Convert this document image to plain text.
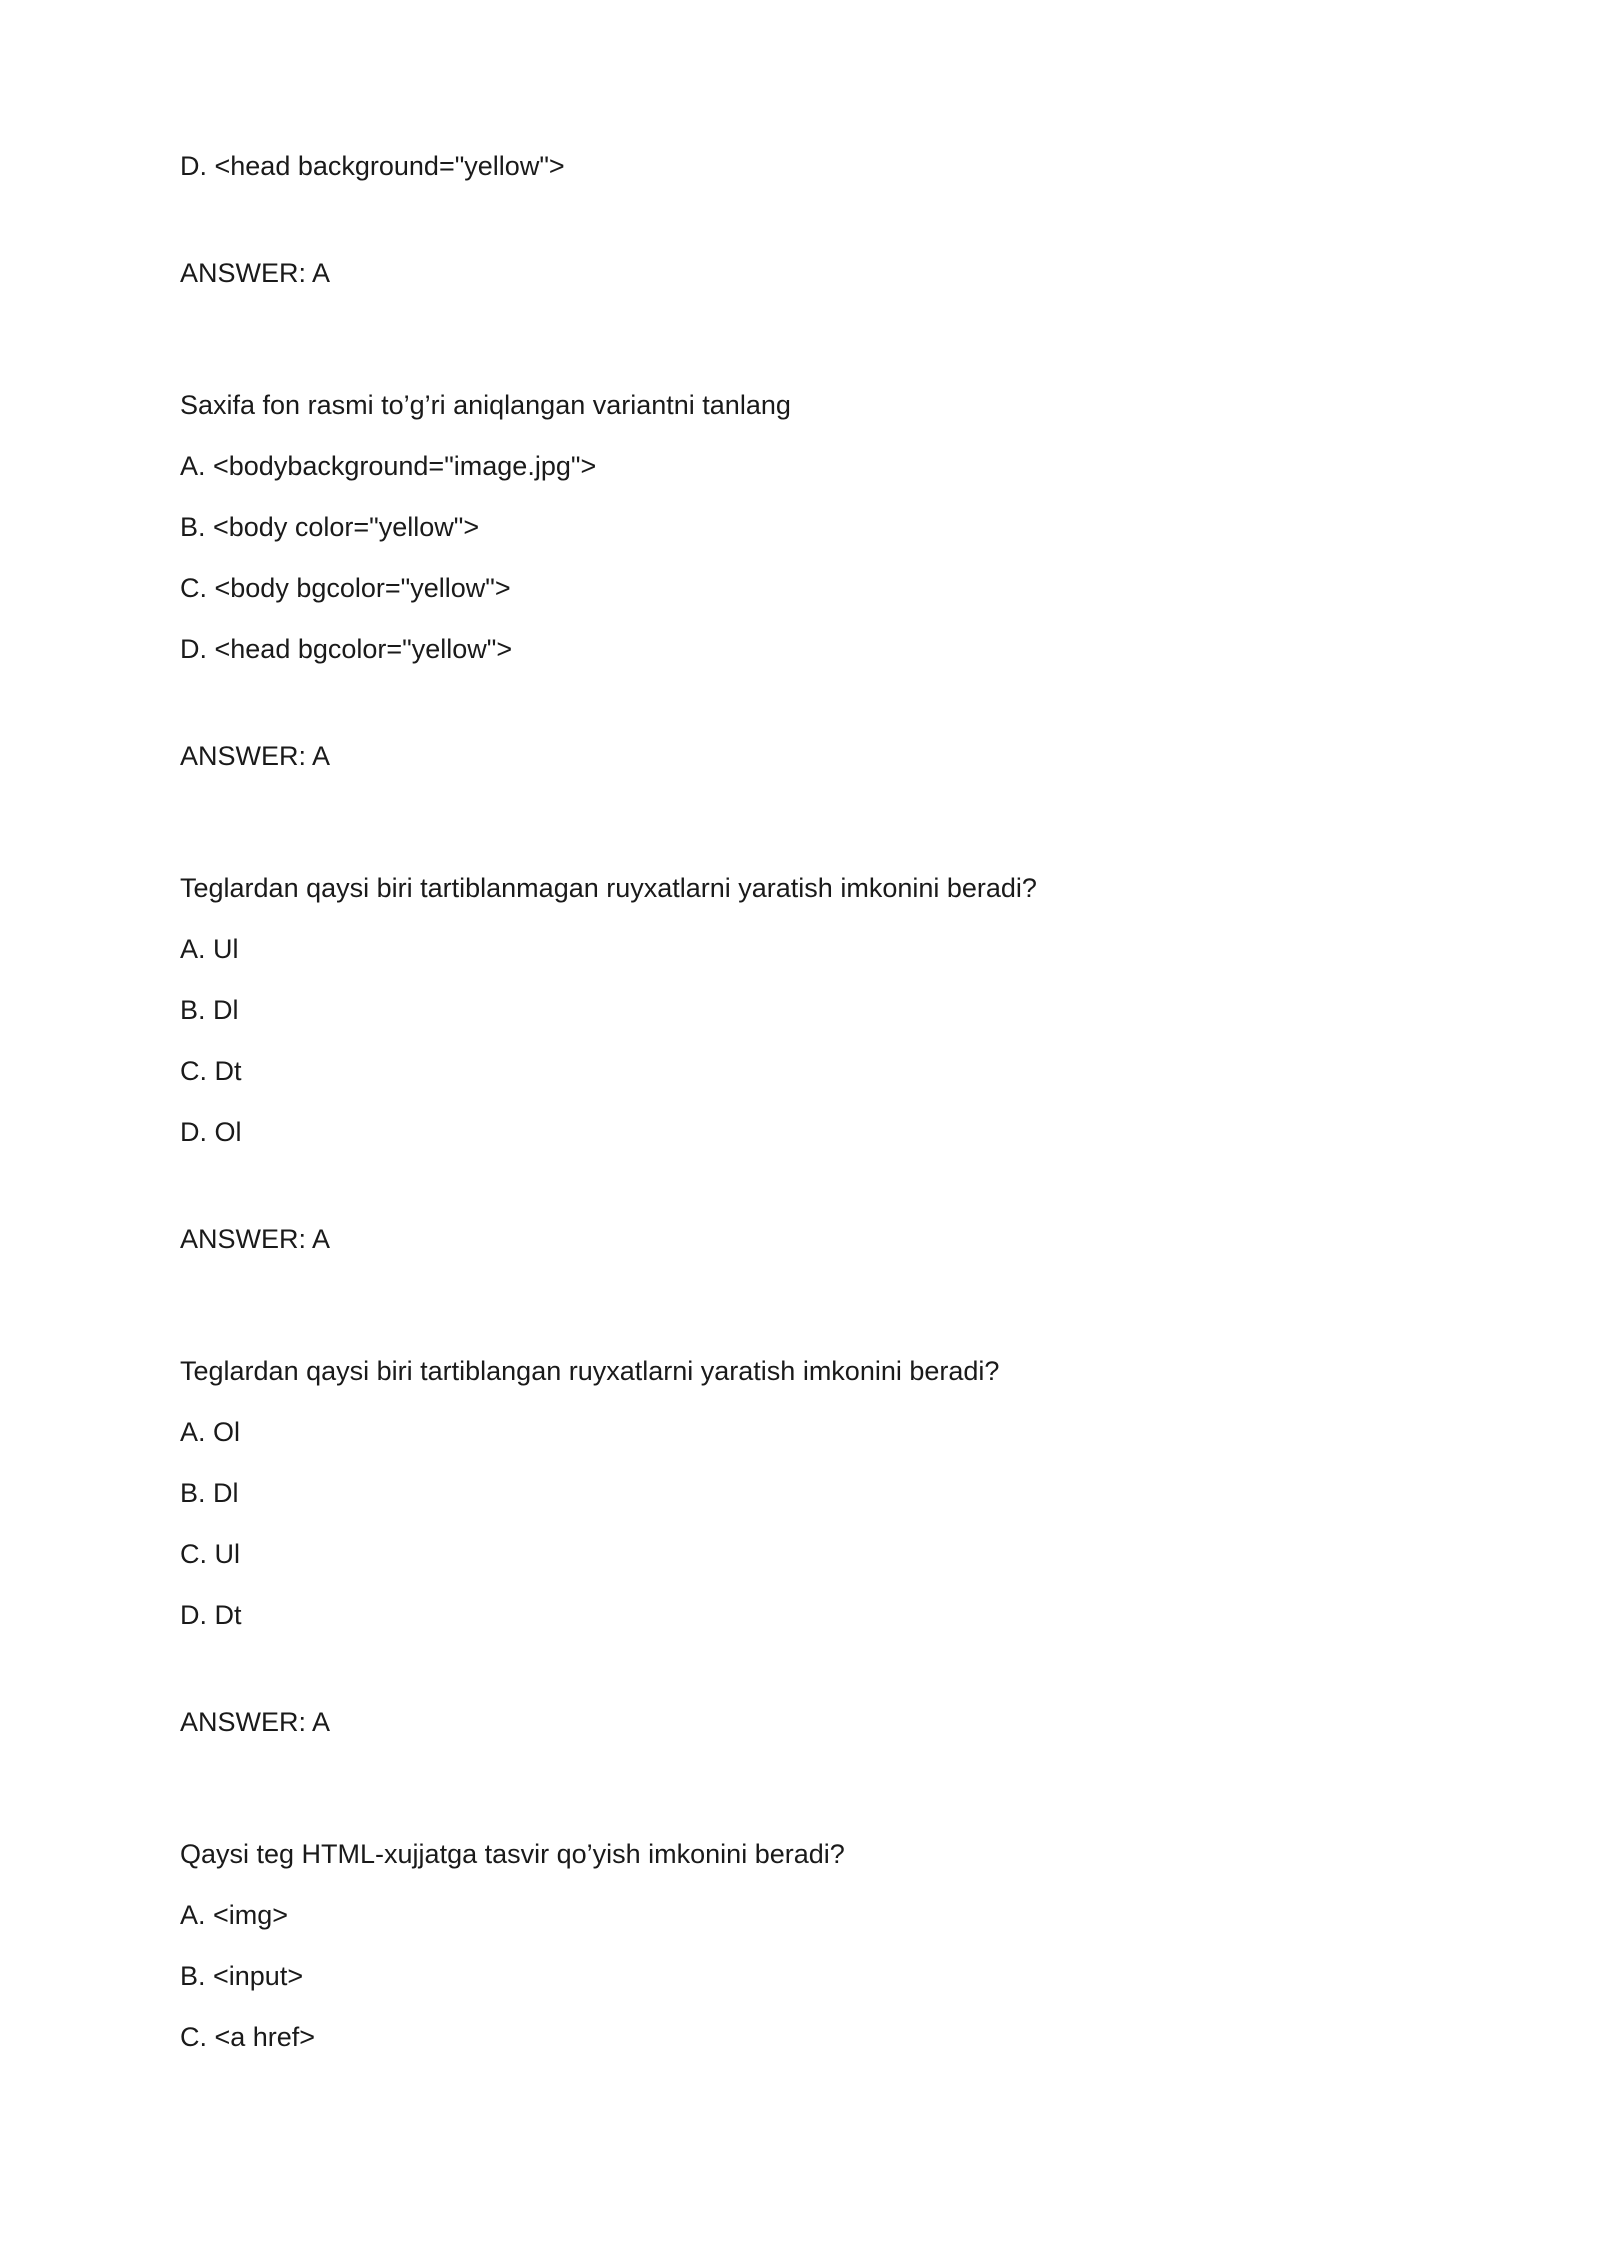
D. <head background="yellow">
ANSWER: A
Saxifa fon rasmi to’g’ri aniqlangan variantni tanlang
A. <bodybackground="image.jpg">
B. <body color="yellow">
C. <body bgcolor="yellow">
D. <head bgcolor="yellow">
ANSWER: A
Teglardan qaysi biri tartiblanmagan ruyxatlarni yaratish imkonini beradi?
A. Ul
B. Dl
C. Dt
D. Ol
ANSWER: A
Teglardan qaysi biri tartiblangan ruyxatlarni yaratish imkonini beradi?
A. Ol
B. Dl
C. Ul
D. Dt
ANSWER: A
Qaysi teg HTML-xujjatga tasvir qo’yish imkonini beradi?
A. <img>
B. <input>
C. <a href>
